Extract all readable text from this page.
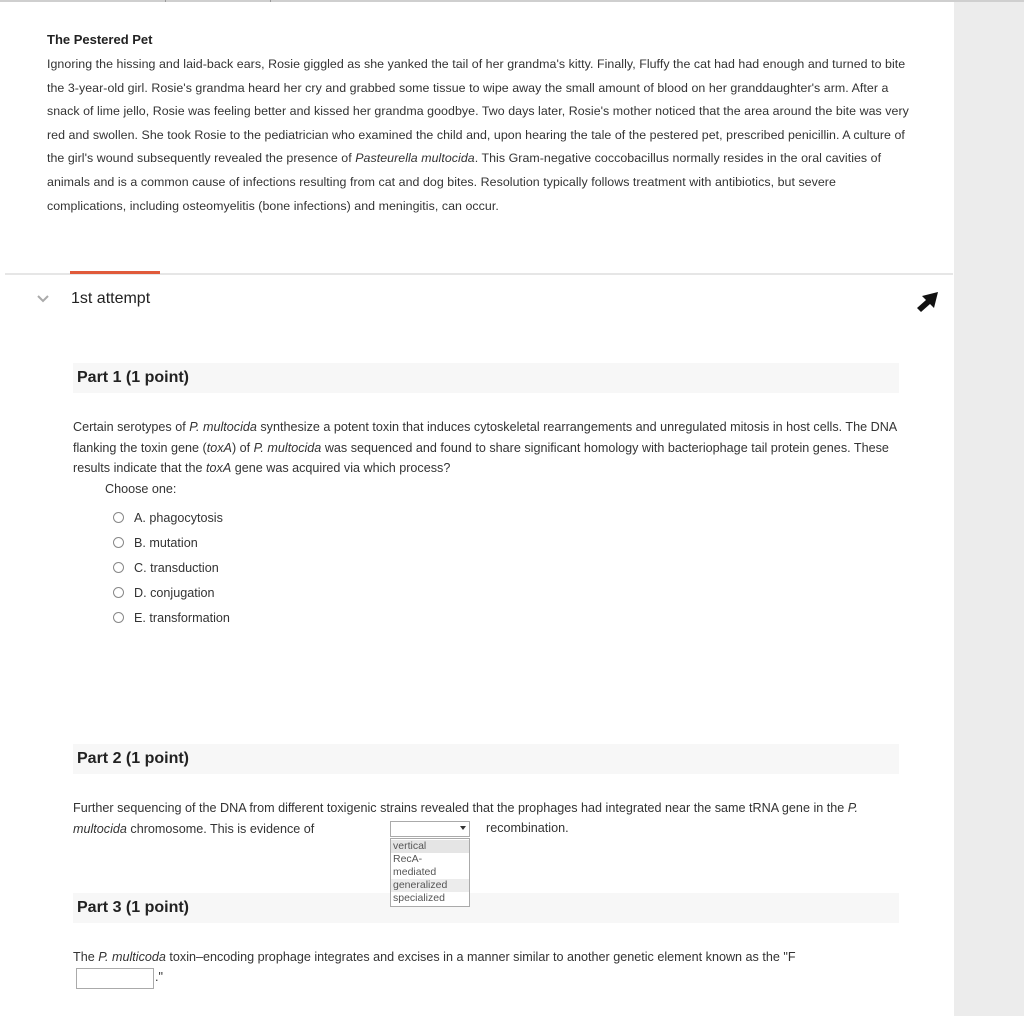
The Pestered Pet

Ignoring the hissing and laid-back ears, Rosie giggled as she yanked the tail of her grandma's kitty. Finally, Fluffy the cat had had enough and turned to bite the 3-year-old girl. Rosie's grandma heard her cry and grabbed some tissue to wipe away the small amount of blood on her granddaughter's arm. After a snack of lime jello, Rosie was feeling better and kissed her grandma goodbye. Two days later, Rosie's mother noticed that the area around the bite was very red and swollen. She took Rosie to the pediatrician who examined the child and, upon hearing the tale of the pestered pet, prescribed penicillin. A culture of the girl's wound subsequently revealed the presence of Pasteurella multocida. This Gram-negative coccobacillus normally resides in the oral cavities of animals and is a common cause of infections resulting from cat and dog bites. Resolution typically follows treatment with antibiotics, but severe complications, including osteomyelitis (bone infections) and meningitis, can occur.

1st attempt
Part 1 (1 point)
Certain serotypes of P. multocida synthesize a potent toxin that induces cytoskeletal rearrangements and unregulated mitosis in host cells. The DNA flanking the toxin gene (toxA) of P. multocida was sequenced and found to share significant homology with bacteriophage tail protein genes. These results indicate that the toxA gene was acquired via which process?
Choose one:
A. phagocytosis
B. mutation
C. transduction
D. conjugation
E. transformation
Part 2 (1 point)
Further sequencing of the DNA from different toxigenic strains revealed that the prophages had integrated near the same tRNA gene in the P. multocida chromosome. This is evidence of
Part 3 (1 point)
recombination.
vertical
RecA-
mediated
generalized
specialized
The P. multicoda toxin–encoding prophage integrates and excises in a manner similar to another genetic element known as the "F
."
